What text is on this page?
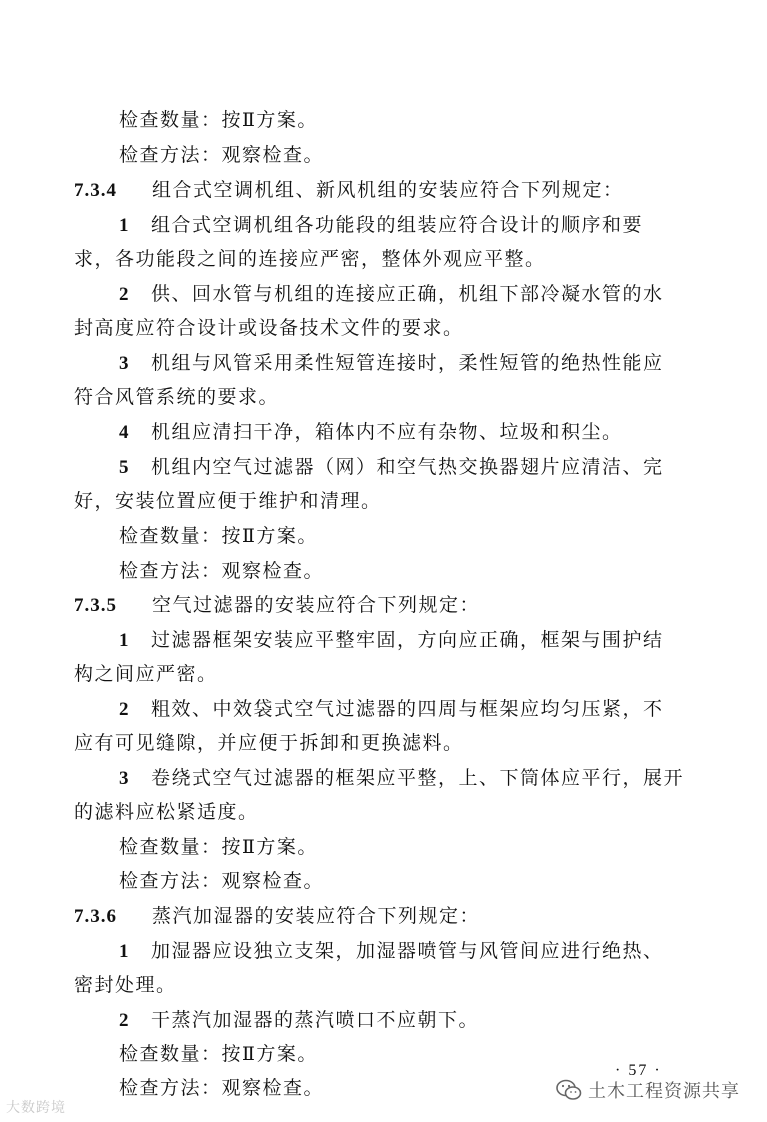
检查数量：按Ⅱ方案。
检查方法：观察检查。
7.3.4 组合式空调机组、新风机组的安装应符合下列规定：
1 组合式空调机组各功能段的组装应符合设计的顺序和要
求，各功能段之间的连接应严密，整体外观应平整。
2 供、回水管与机组的连接应正确，机组下部冷凝水管的水
封高度应符合设计或设备技术文件的要求。
3 机组与风管采用柔性短管连接时，柔性短管的绝热性能应
符合风管系统的要求。
4 机组应清扫干净，箱体内不应有杂物、垃圾和积尘。
5 机组内空气过滤器（网）和空气热交换器翅片应清洁、完
好，安装位置应便于维护和清理。
检查数量：按Ⅱ方案。
检查方法：观察检查。
7.3.5 空气过滤器的安装应符合下列规定：
1 过滤器框架安装应平整牢固，方向应正确，框架与围护结
构之间应严密。
2 粗效、中效袋式空气过滤器的四周与框架应均匀压紧，不
应有可见缝隙，并应便于拆卸和更换滤料。
3 卷绕式空气过滤器的框架应平整，上、下筒体应平行，展开
的滤料应松紧适度。
检查数量：按Ⅱ方案。
检查方法：观察检查。
7.3.6 蒸汽加湿器的安装应符合下列规定：
1 加湿器应设独立支架，加湿器喷管与风管间应进行绝热、
密封处理。
2 干蒸汽加湿器的蒸汽喷口不应朝下。
检查数量：按Ⅱ方案。
检查方法：观察检查。
· 57 ·
大数跨境
土木工程资源共享
